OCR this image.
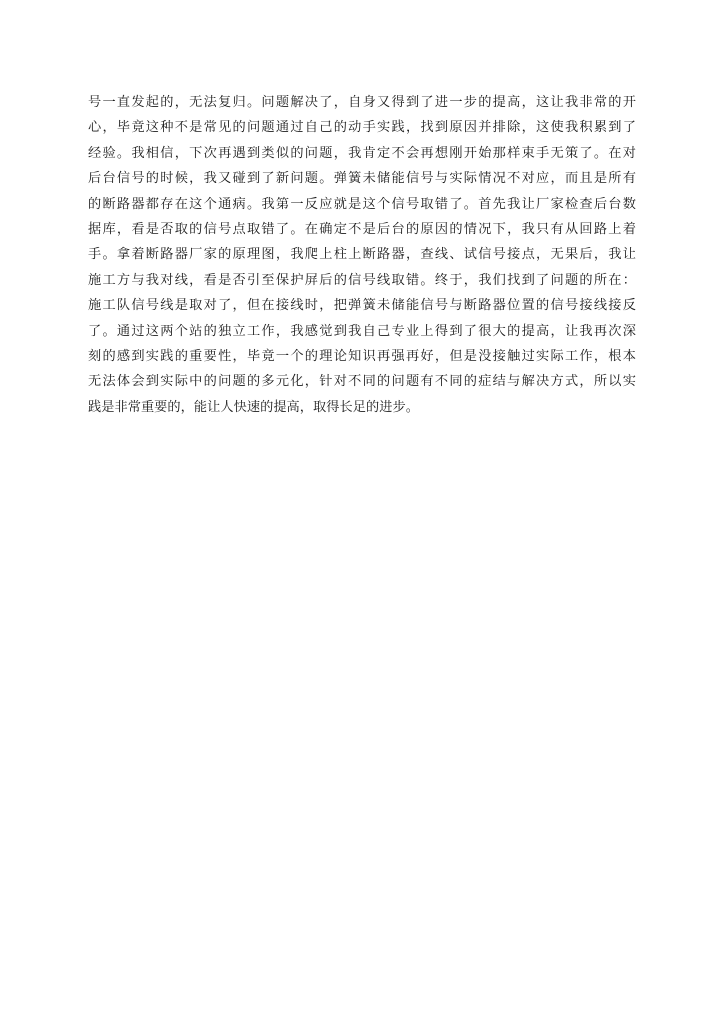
号一直发起的，无法复归。问题解决了，自身又得到了进一步的提高，这让我非常的开
心，毕竟这种不是常见的问题通过自己的动手实践，找到原因并排除，这使我积累到了
经验。我相信，下次再遇到类似的问题，我肯定不会再想刚开始那样束手无策了。在对
后台信号的时候，我又碰到了新问题。弹簧未储能信号与实际情况不对应，而且是所有
的断路器都存在这个通病。我第一反应就是这个信号取错了。首先我让厂家检查后台数
据库，看是否取的信号点取错了。在确定不是后台的原因的情况下，我只有从回路上着
手。拿着断路器厂家的原理图，我爬上柱上断路器，查线、试信号接点，无果后，我让
施工方与我对线，看是否引至保护屏后的信号线取错。终于，我们找到了问题的所在：
施工队信号线是取对了，但在接线时，把弹簧未储能信号与断路器位置的信号接线接反
了。通过这两个站的独立工作，我感觉到我自己专业上得到了很大的提高，让我再次深
刻的感到实践的重要性，毕竟一个的理论知识再强再好，但是没接触过实际工作，根本
无法体会到实际中的问题的多元化，针对不同的问题有不同的症结与解决方式，所以实
践是非常重要的，能让人快速的提高，取得长足的进步。
